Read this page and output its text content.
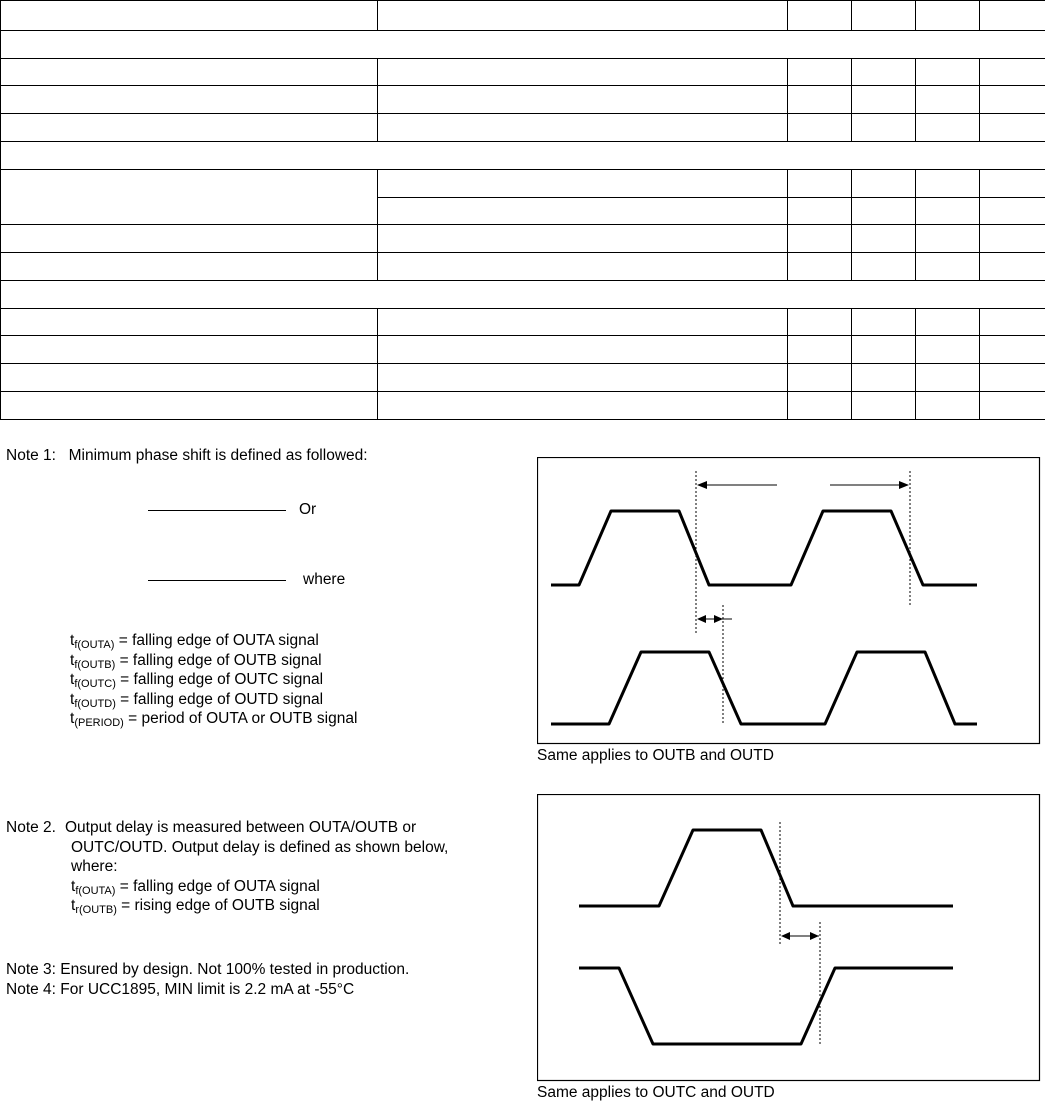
Note 1: Minimum phase shift is defined as followed:
Or
where
$t_{f(OUTA)}$ = falling edge of OUTA signal
$t_{f(OUTB)}$ = falling edge of OUTB signal
$t_{f(OUTC)}$ = falling edge of OUTC signal
$t_{f(OUTD)}$ = falling edge of OUTD signal
$t_{(PERIOD)}$ = period of OUTA or OUTB signal
Same applies to OUTB and OUTD
Note 2. Output delay is measured between OUTA/OUTB or
OUTC/OUTD. Output delay is defined as shown below,
where:
$t_{f(OUTA)}$ = falling edge of OUTA signal
$t_{r(OUTB)} = rising$ edge of OUTB signal
Same applies to OUTC and OUTD
Note 3: Ensured by design. Not 100% tested in production.
Note 4: For UCC1895, MIN limit is 2.2 mA at -55°C
